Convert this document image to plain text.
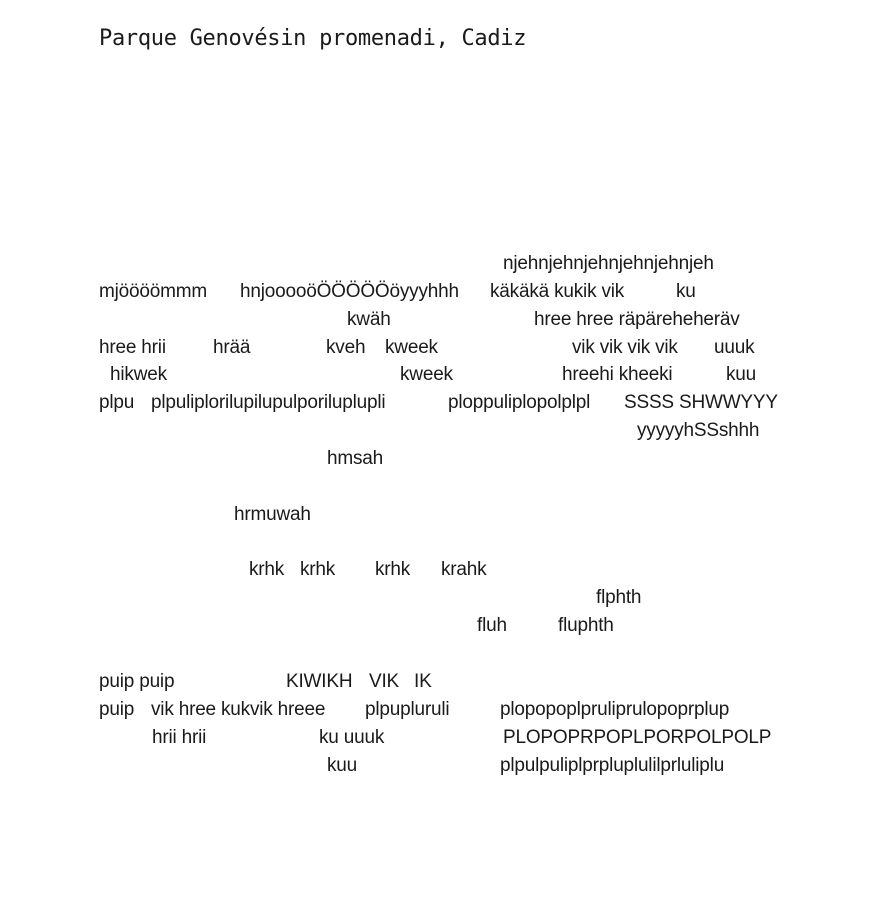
Parque Genovésin promenadi, Cadiz
njehnjehnjehnjehnjehnjeh
mjöööömmm hnjooooöÖÖÖÖÖöyyyhhh käkäkä kukik vik	ku
kwäh	hree hree räpäreheheräv
hree hrii hrää	kveh kweek	vik vik vik vik uuuk
hikwek	kweek	hreehi kheeki	kuu
plpu plpuliplorilupilupulporiluplupli	ploppuliplopolplpl SSSS SHWWYYY
yyyyyhSSshhh
hmsah
hrmuwah
krhk krhk krhk krahk
flphth
fluh	fluphth
puip puip	KIWIKH VIK IK
puip vik hree kukvik hreee plpupluruli	plopopoplpruliprulopoprplup
hrii hrii	ku uuuk	PLOPOPRPOPLPORPOLPOLP
kuu	plpulpuliplprpluplulilprluliplu
